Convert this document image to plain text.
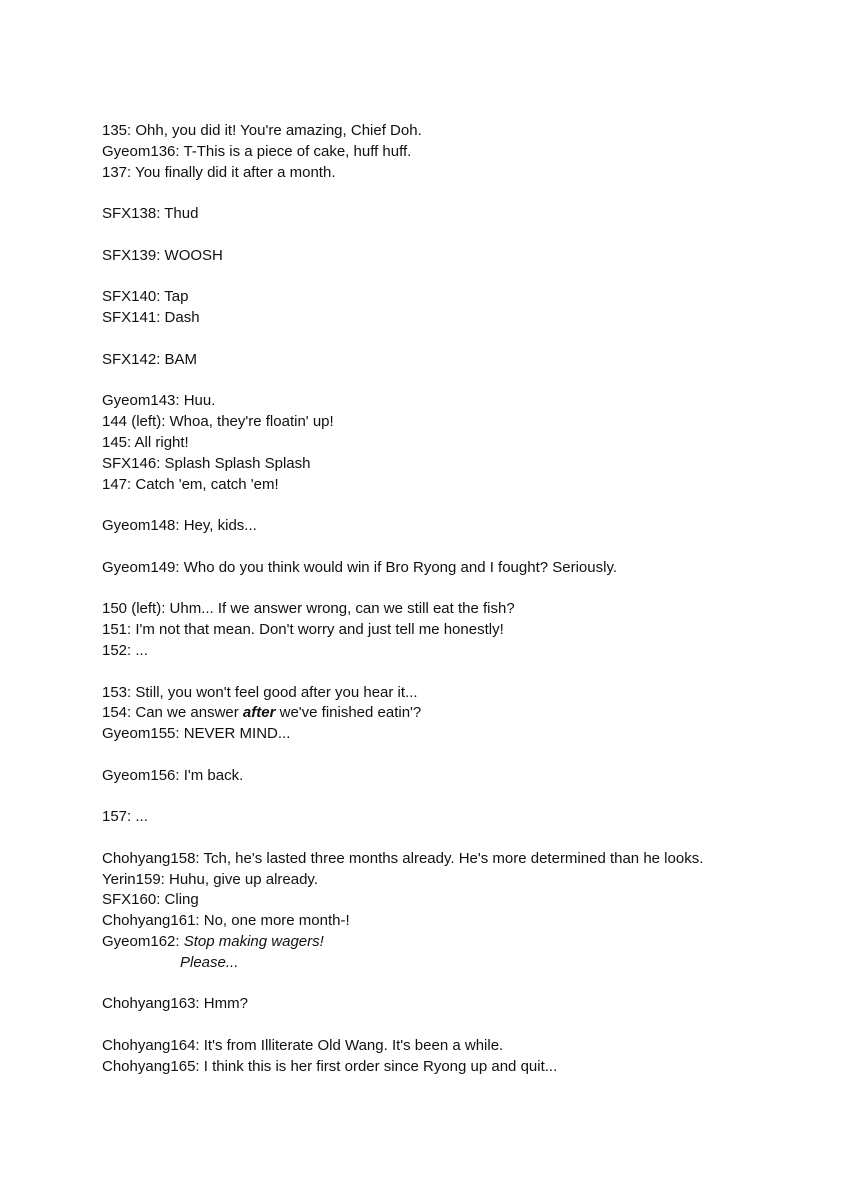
135: Ohh, you did it! You're amazing, Chief Doh.
Gyeom136: T-This is a piece of cake, huff huff.
137: You finally did it after a month.
SFX138: Thud
SFX139: WOOSH
SFX140: Tap
SFX141: Dash
SFX142: BAM
Gyeom143: Huu.
144 (left): Whoa, they're floatin' up!
145: All right!
SFX146: Splash Splash Splash
147: Catch 'em, catch 'em!
Gyeom148: Hey, kids...
Gyeom149: Who do you think would win if Bro Ryong and I fought? Seriously.
150 (left): Uhm... If we answer wrong, can we still eat the fish?
151: I'm not that mean. Don't worry and just tell me honestly!
152: ...
153: Still, you won't feel good after you hear it...
154: Can we answer after we've finished eatin'?
Gyeom155: NEVER MIND...
Gyeom156: I'm back.
157: ...
Chohyang158: Tch, he's lasted three months already. He's more determined than he looks.
Yerin159: Huhu, give up already.
SFX160: Cling
Chohyang161: No, one more month-!
Gyeom162: Stop making wagers!
Please...
Chohyang163: Hmm?
Chohyang164: It's from Illiterate Old Wang. It's been a while.
Chohyang165: I think this is her first order since Ryong up and quit...
